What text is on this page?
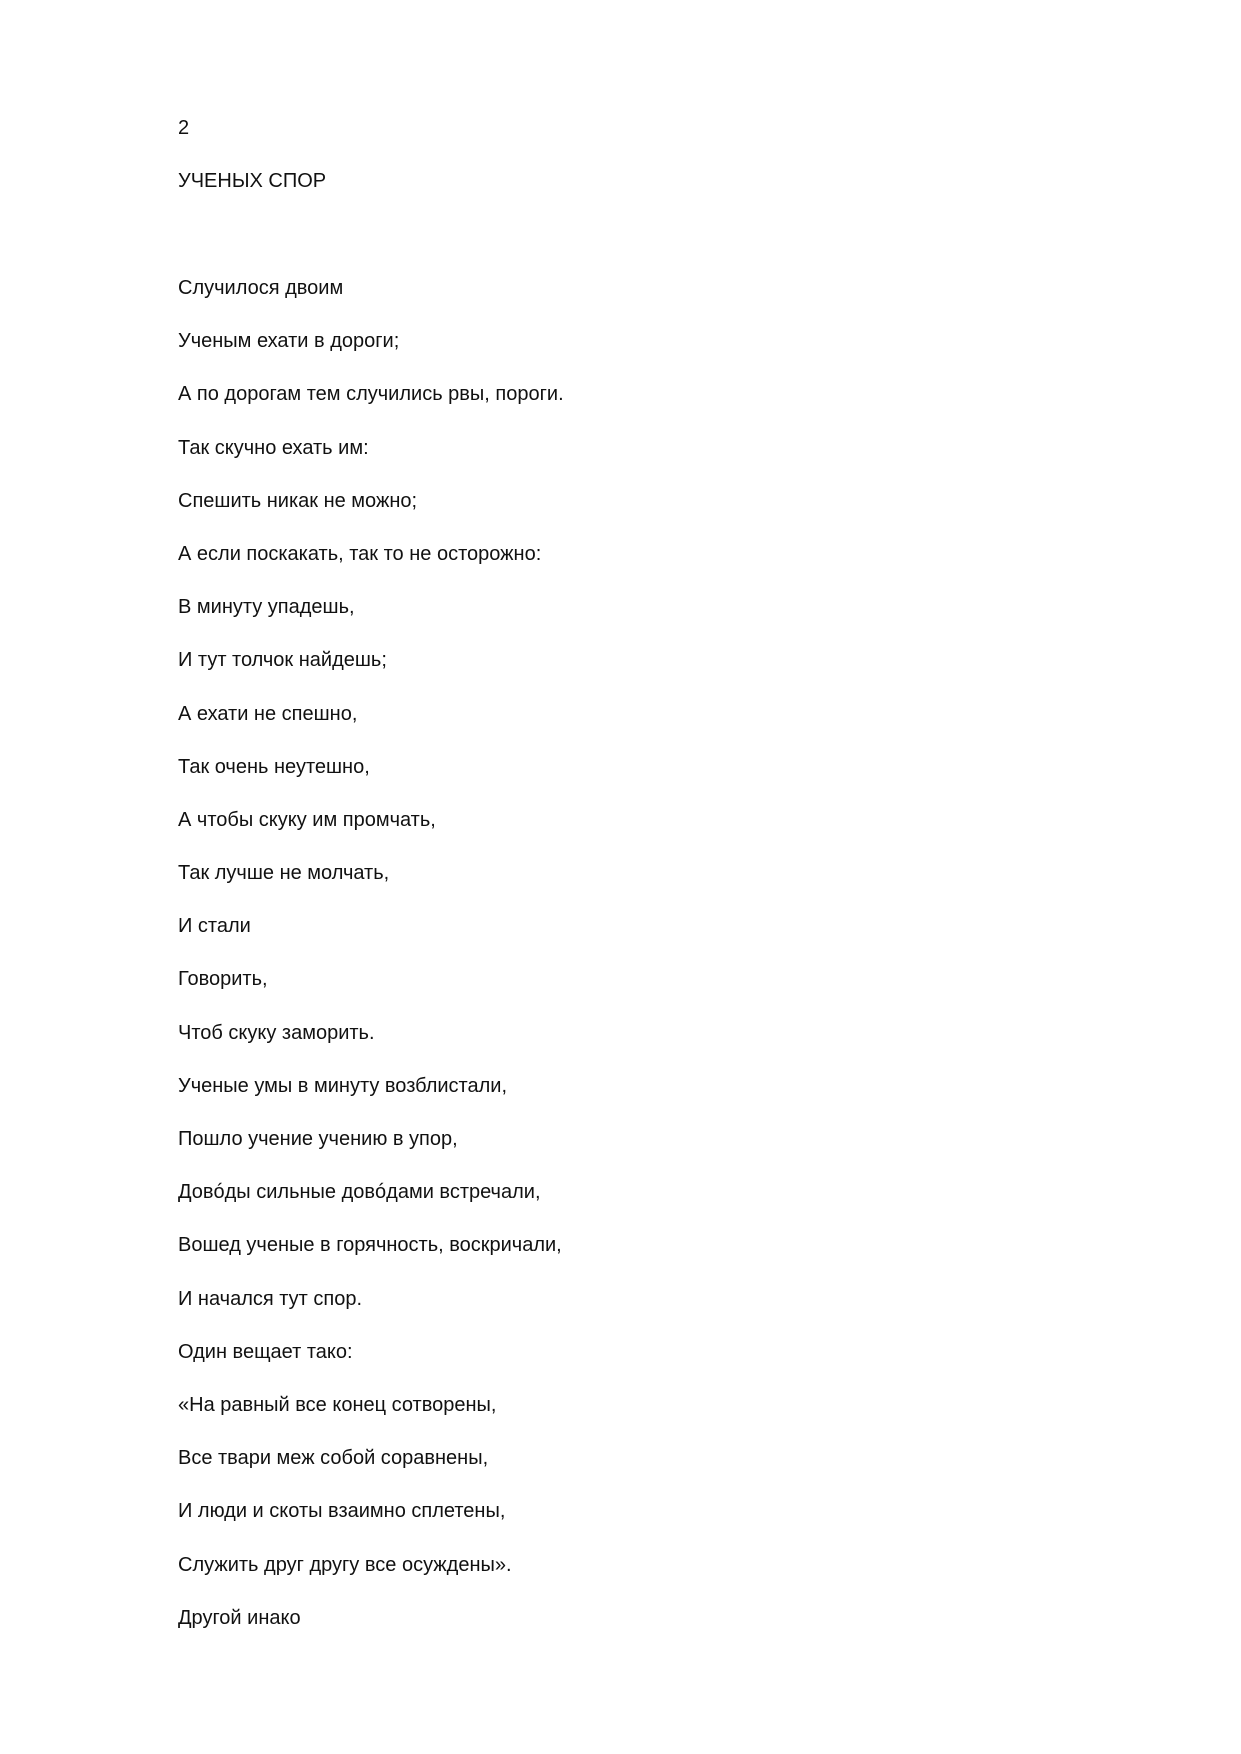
2

УЧЕНЫХ СПОР
Случилося двоим
Ученым ехати в дороги;
А по дорогам тем случились рвы, пороги.
Так скучно ехать им:
Спешить никак не можно;
А если поскакать, так то не осторожно:
В минуту упадешь,
И тут толчок найдешь;
А ехати не спешно,
Так очень неутешно,
А чтобы скуку им промчать,
Так лучше не молчать,
И стали
Говорить,
Чтоб скуку заморить.
Ученые умы в минуту возблистали,
Пошло учение учению в упор,
Довóды сильные довóдами встречали,
Вошед ученые в горячность, воскричали,
И начался тут спор.
Один вещает тако:
«На равный все конец сотворены,
Все твари меж собой соравнены,
И люди и скоты взаимно сплетены,
Служить друг другу все осуждены».
Другой инако
